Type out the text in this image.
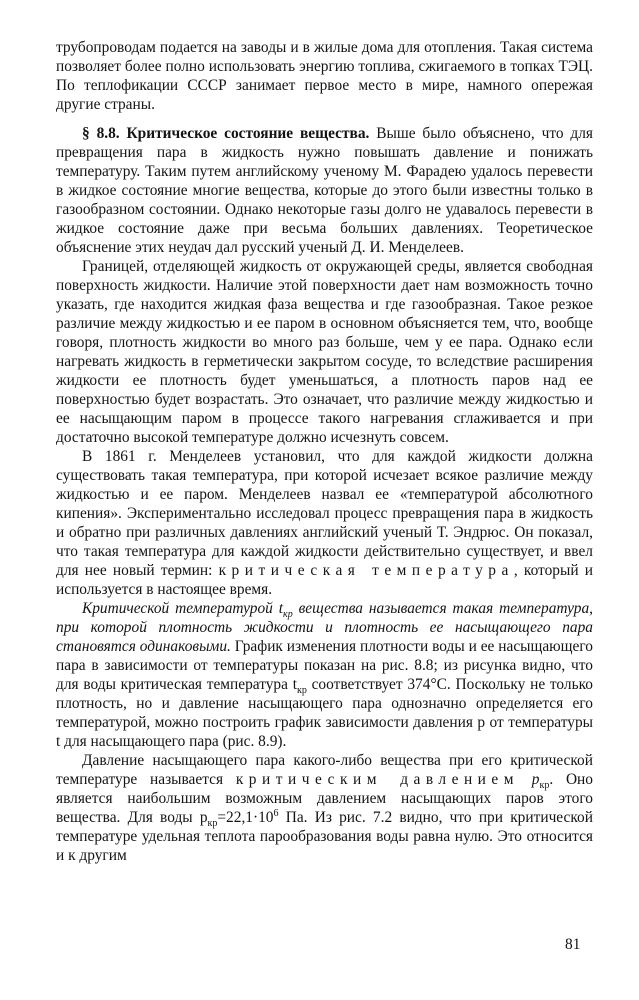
трубопроводам подается на заводы и в жилые дома для отопления. Такая система позволяет более полно использовать энергию топлива, сжигаемого в топках ТЭЦ. По теплофикации СССР занимает первое место в мире, намного опережая другие страны.

§ 8.8. Критическое состояние вещества. Выше было объяснено, что для превращения пара в жидкость нужно повышать давление и понижать температуру. Таким путем английскому ученому М. Фарадею удалось перевести в жидкое состояние многие вещества, которые до этого были известны только в газообразном состоянии. Однако некоторые газы долго не удавалось перевести в жидкое состояние даже при весьма больших давлениях. Теоретическое объяснение этих неудач дал русский ученый Д. И. Менделеев.

Границей, отделяющей жидкость от окружающей среды, является свободная поверхность жидкости. Наличие этой поверхности дает нам возможность точно указать, где находится жидкая фаза вещества и где газообразная. Такое резкое различие между жидкостью и ее паром в основном объясняется тем, что, вообще говоря, плотность жидкости во много раз больше, чем у ее пара. Однако если нагревать жидкость в герметически закрытом сосуде, то вследствие расширения жидкости ее плотность будет уменьшаться, а плотность паров над ее поверхностью будет возрастать. Это означает, что различие между жидкостью и ее насыщающим паром в процессе такого нагревания сглаживается и при достаточно высокой температуре должно исчезнуть совсем.

В 1861 г. Менделеев установил, что для каждой жидкости должна существовать такая температура, при которой исчезает всякое различие между жидкостью и ее паром. Менделеев назвал ее «температурой абсолютного кипения». Экспериментально исследовал процесс превращения пара в жидкость и обратно при различных давлениях английский ученый Т. Эндрюс. Он показал, что такая температура для каждой жидкости действительно существует, и ввел для нее новый термин: критическая температура, который и используется в настоящее время.

Критической температурой $t_{кр}$ вещества называется такая температура, при которой плотность жидкости и плотность ее насыщающего пара становятся одинаковыми. График изменения плотности воды и ее насыщающего пара в зависимости от температуры показан на рис. 8.8; из рисунка видно, что для воды критическая температура $t_{кр}$ соответствует 374°C. Поскольку не только плотность, но и давление насыщающего пара однозначно определяется его температурой, можно построить график зависимости давления p от температуры t для насыщающего пара (рис. 8.9).

Давление насыщающего пара какого-либо вещества при его критической температуре называется критическим давлением $p_{кр}$. Оно является наибольшим возможным давлением насыщающих паров этого вещества. Для воды $p_{кр}=22,1\cdot 10^6$ Па. Из рис. 7.2 видно, что при критической температуре удельная теплота парообразования воды равна нулю. Это относится и к другим

81
